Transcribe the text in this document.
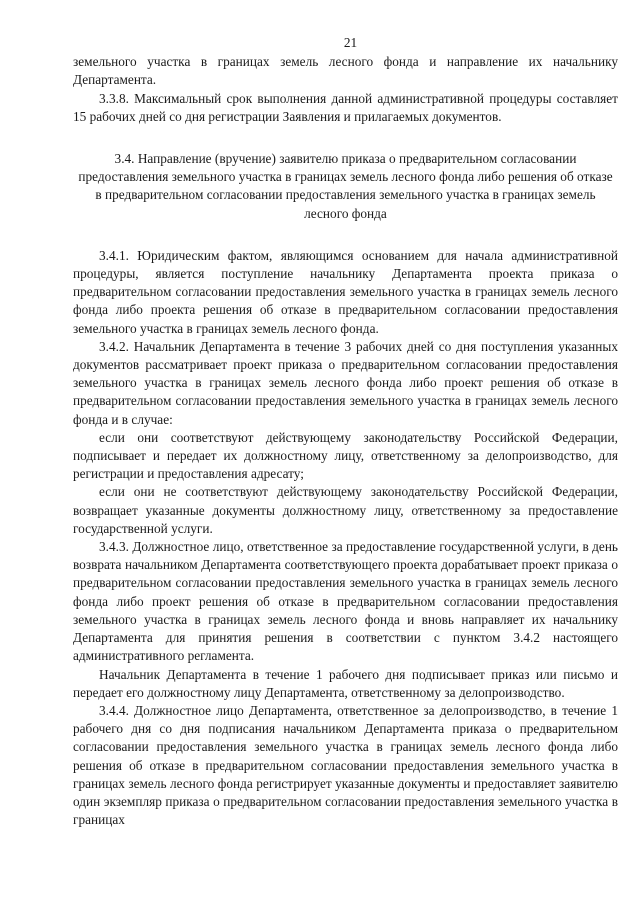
21

земельного участка в границах земель лесного фонда и направление их начальнику Департамента.

3.3.8. Максимальный срок выполнения данной административной процедуры составляет 15 рабочих дней со дня регистрации Заявления и прилагаемых документов.

3.4. Направление (вручение) заявителю приказа о предварительном согласовании предоставления земельного участка в границах земель лесного фонда либо решения об отказе в предварительном согласовании предоставления земельного участка в границах земель лесного фонда

3.4.1. Юридическим фактом, являющимся основанием для начала административной процедуры, является поступление начальнику Департамента проекта приказа о предварительном согласовании предоставления земельного участка в границах земель лесного фонда либо проекта решения об отказе в предварительном согласовании предоставления земельного участка в границах земель лесного фонда.

3.4.2. Начальник Департамента в течение 3 рабочих дней со дня поступления указанных документов рассматривает проект приказа о предварительном согласовании предоставления земельного участка в границах земель лесного фонда либо проект решения об отказе в предварительном согласовании предоставления земельного участка в границах земель лесного фонда и в случае:

если они соответствуют действующему законодательству Российской Федерации, подписывает и передает их должностному лицу, ответственному за делопроизводство, для регистрации и предоставления адресату;

если они не соответствуют действующему законодательству Российской Федерации, возвращает указанные документы должностному лицу, ответственному за предоставление государственной услуги.

3.4.3. Должностное лицо, ответственное за предоставление государственной услуги, в день возврата начальником Департамента соответствующего проекта дорабатывает проект приказа о предварительном согласовании предоставления земельного участка в границах земель лесного фонда либо проект решения об отказе в предварительном согласовании предоставления земельного участка в границах земель лесного фонда и вновь направляет их начальнику Департамента для принятия решения в соответствии с пунктом 3.4.2 настоящего административного регламента.

Начальник Департамента в течение 1 рабочего дня подписывает приказ или письмо и передает его должностному лицу Департамента, ответственному за делопроизводство.

3.4.4. Должностное лицо Департамента, ответственное за делопроизводство, в течение 1 рабочего дня со дня подписания начальником Департамента приказа о предварительном согласовании предоставления земельного участка в границах земель лесного фонда либо решения об отказе в предварительном согласовании предоставления земельного участка в границах земель лесного фонда регистрирует указанные документы и предоставляет заявителю один экземпляр приказа о предварительном согласовании предоставления земельного участка в границах
